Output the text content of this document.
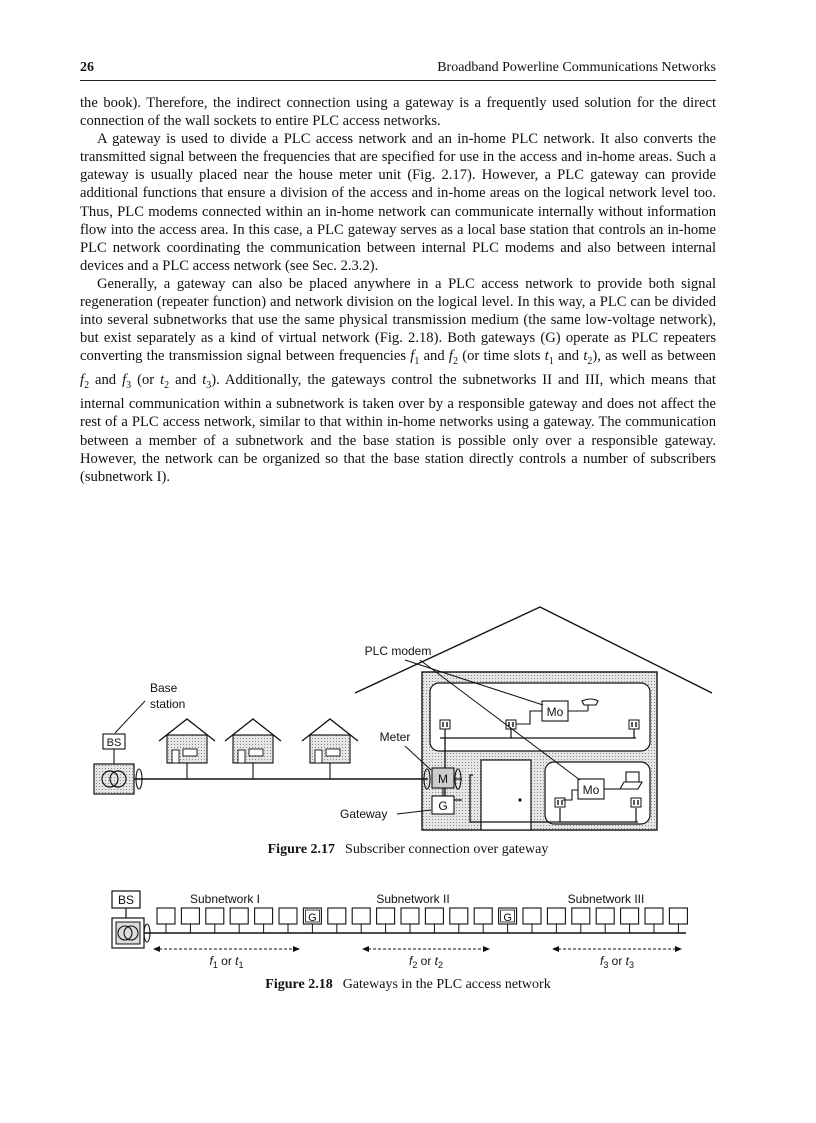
26	Broadband Powerline Communications Networks

the book). Therefore, the indirect connection using a gateway is a frequently used solution for the direct connection of the wall sockets to entire PLC access networks.

A gateway is used to divide a PLC access network and an in-home PLC network. It also converts the transmitted signal between the frequencies that are specified for use in the access and in-home areas. Such a gateway is usually placed near the house meter unit (Fig. 2.17). However, a PLC gateway can provide additional functions that ensure a division of the access and in-home areas on the logical network level too. Thus, PLC modems connected within an in-home network can communicate internally without information flow into the access area. In this case, a PLC gateway serves as a local base station that controls an in-home PLC network coordinating the communication between internal PLC modems and also between internal devices and a PLC access network (see Sec. 2.3.2).

Generally, a gateway can also be placed anywhere in a PLC access network to provide both signal regeneration (repeater function) and network division on the logical level. In this way, a PLC can be divided into several subnetworks that use the same physical transmission medium (the same low-voltage network), but exist separately as a kind of virtual network (Fig. 2.18). Both gateways (G) operate as PLC repeaters converting the transmission signal between frequencies $f_1$ and $f_2$ (or time slots $t_1$ and $t_2$), as well as between $f_2$ and $f_3$ (or $t_2$ and $t_3$). Additionally, the gateways control the subnetworks II and III, which means that internal communication within a subnetwork is taken over by a responsible gateway and does not affect the rest of a PLC access network, similar to that within in-home networks using a gateway. The communication between a member of a subnetwork and the base station is possible only over a responsible gateway. However, the network can be organized so that the base station directly controls a number of subscribers (subnetwork I).

Mo
Mo
PLC modem
Base
station
BS	Meter
M
G
Gateway
Figure 2.17 Subscriber connection over gateway
BS	Subnetwork I	Subnetwork II	Subnetwork III
G	G
f1 or t1	f2 or t2	f3 or t3
Figure 2.18 Gateways in the PLC access network
